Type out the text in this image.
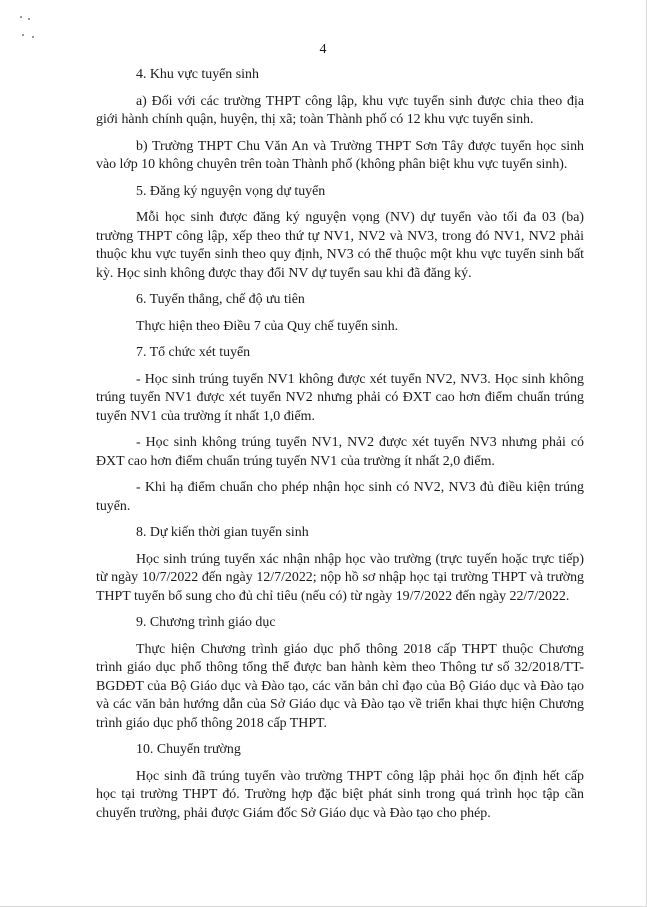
4

4. Khu vực tuyển sinh

a) Đối với các trường THPT công lập, khu vực tuyển sinh được chia theo địa giới hành chính quận, huyện, thị xã; toàn Thành phố có 12 khu vực tuyển sinh.

b) Trường THPT Chu Văn An và Trường THPT Sơn Tây được tuyển học sinh vào lớp 10 không chuyên trên toàn Thành phố (không phân biệt khu vực tuyển sinh).

5. Đăng ký nguyện vọng dự tuyển

Mỗi học sinh được đăng ký nguyện vọng (NV) dự tuyển vào tối đa 03 (ba) trường THPT công lập, xếp theo thứ tự NV1, NV2 và NV3, trong đó NV1, NV2 phải thuộc khu vực tuyển sinh theo quy định, NV3 có thể thuộc một khu vực tuyển sinh bất kỳ. Học sinh không được thay đổi NV dự tuyển sau khi đã đăng ký.

6. Tuyển thẳng, chế độ ưu tiên

Thực hiện theo Điều 7 của Quy chế tuyển sinh.

7. Tổ chức xét tuyển

- Học sinh trúng tuyển NV1 không được xét tuyển NV2, NV3. Học sinh không trúng tuyển NV1 được xét tuyển NV2 nhưng phải có ĐXT cao hơn điểm chuẩn trúng tuyển NV1 của trường ít nhất 1,0 điểm.

- Học sinh không trúng tuyển NV1, NV2 được xét tuyển NV3 nhưng phải có ĐXT cao hơn điểm chuẩn trúng tuyển NV1 của trường ít nhất 2,0 điểm.

- Khi hạ điểm chuẩn cho phép nhận học sinh có NV2, NV3 đủ điều kiện trúng tuyển.

8. Dự kiến thời gian tuyển sinh

Học sinh trúng tuyển xác nhận nhập học vào trường (trực tuyến hoặc trực tiếp) từ ngày 10/7/2022 đến ngày 12/7/2022; nộp hồ sơ nhập học tại trường THPT và trường THPT tuyển bổ sung cho đủ chỉ tiêu (nếu có) từ ngày 19/7/2022 đến ngày 22/7/2022.

9. Chương trình giáo dục

Thực hiện Chương trình giáo dục phổ thông 2018 cấp THPT thuộc Chương trình giáo dục phổ thông tổng thể được ban hành kèm theo Thông tư số 32/2018/TT-BGDĐT của Bộ Giáo dục và Đào tạo, các văn bản chỉ đạo của Bộ Giáo dục và Đào tạo và các văn bản hướng dẫn của Sở Giáo dục và Đào tạo về triển khai thực hiện Chương trình giáo dục phổ thông 2018 cấp THPT.

10. Chuyển trường

Học sinh đã trúng tuyển vào trường THPT công lập phải học ổn định hết cấp học tại trường THPT đó. Trường hợp đặc biệt phát sinh trong quá trình học tập cần chuyển trường, phải được Giám đốc Sở Giáo dục và Đào tạo cho phép.
